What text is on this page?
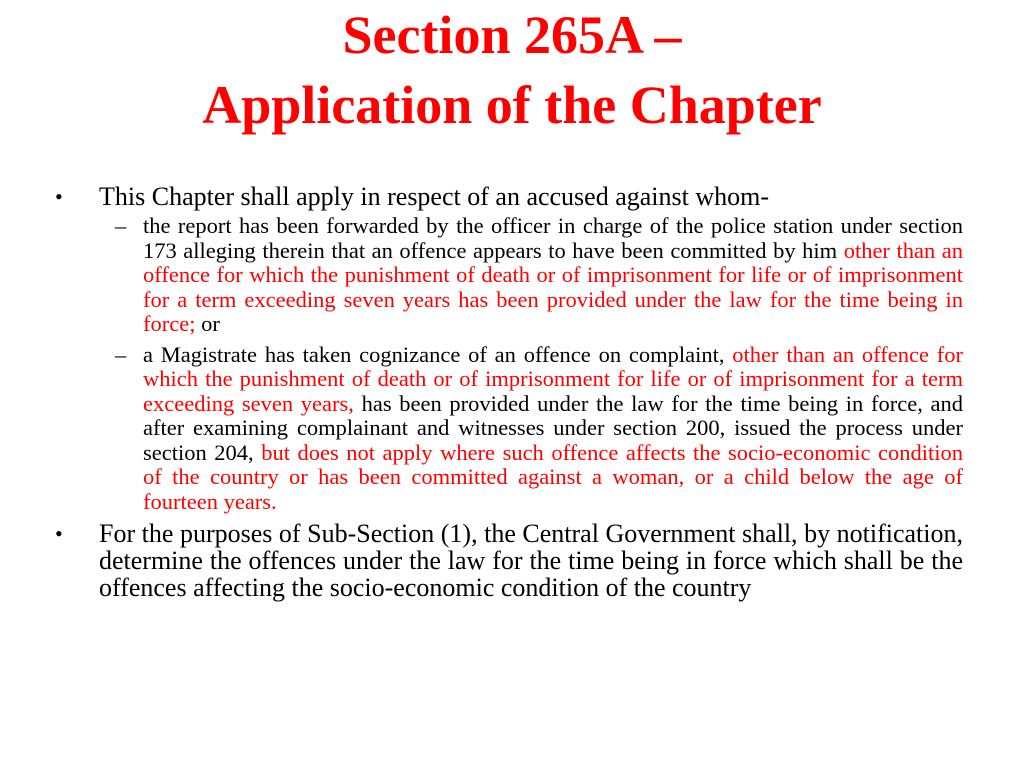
Section 265A –
Application of the Chapter
• This Chapter shall apply in respect of an accused against whom-
– the report has been forwarded by the officer in charge of the police station under section 173 alleging therein that an offence appears to have been committed by him other than an offence for which the punishment of death or of imprisonment for life or of imprisonment for a term exceeding seven years has been provided under the law for the time being in force; or
– a Magistrate has taken cognizance of an offence on complaint, other than an offence for which the punishment of death or of imprisonment for life or of imprisonment for a term exceeding seven years, has been provided under the law for the time being in force, and after examining complainant and witnesses under section 200, issued the process under section 204, but does not apply where such offence affects the socio-economic condition of the country or has been committed against a woman, or a child below the age of fourteen years.
• For the purposes of Sub-Section (1), the Central Government shall, by notification, determine the offences under the law for the time being in force which shall be the offences affecting the socio-economic condition of the country
